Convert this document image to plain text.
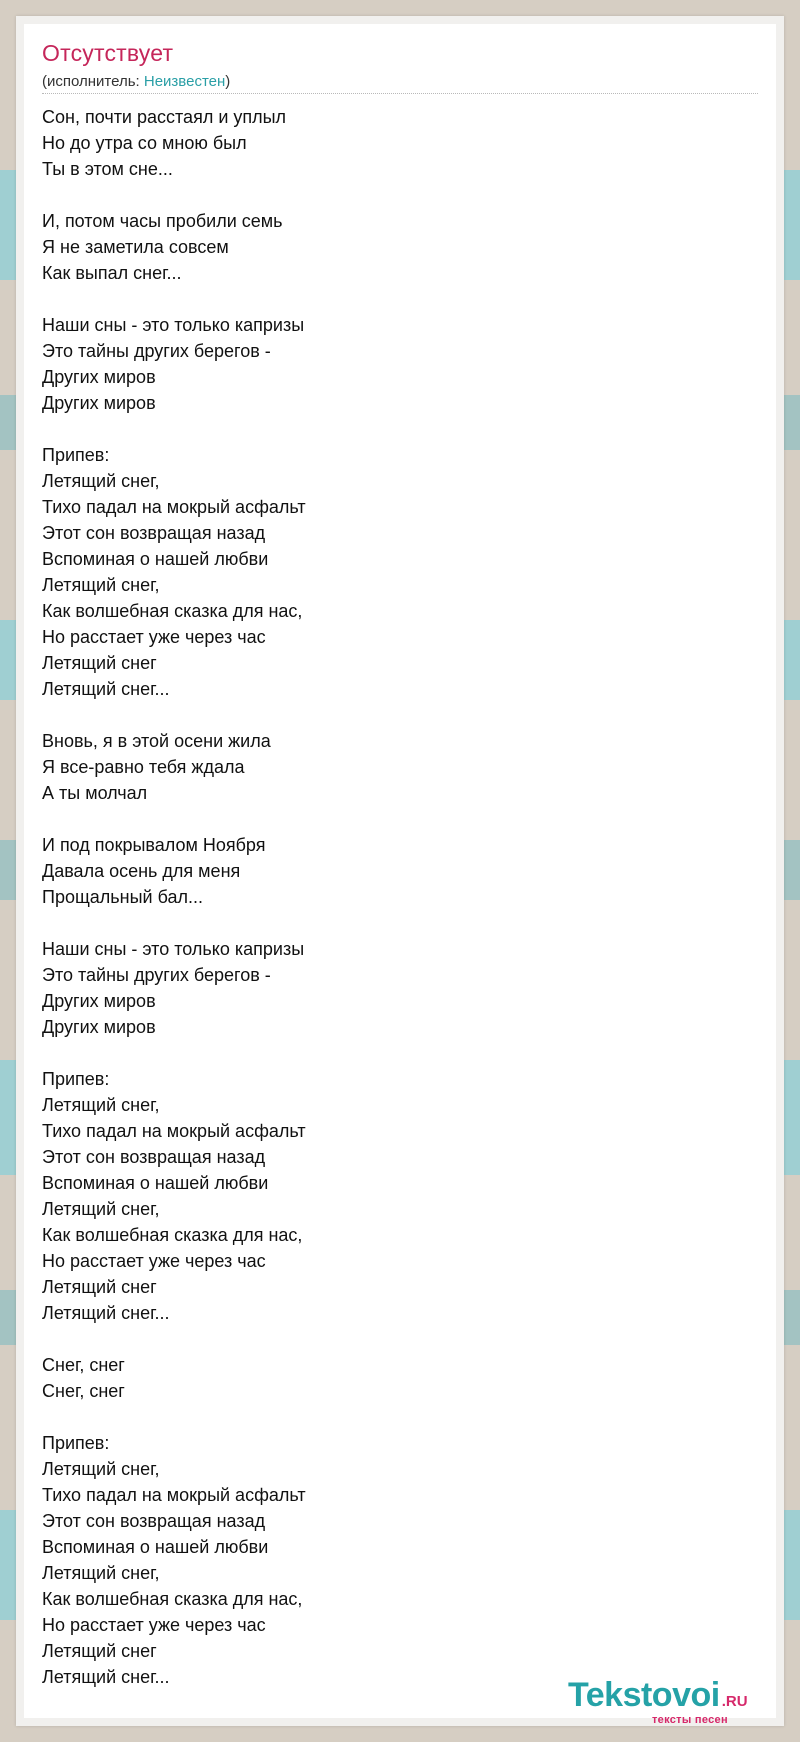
Отсутствует
(исполнитель: Неизвестен)
Сон, почти расстаял и уплыл
Но до утра со мною был
Ты в этом сне...
И, потом часы пробили семь
Я не заметила совсем
Как выпал снег...
Наши сны - это только капризы
Это тайны других берегов -
Других миров
Других миров
Припев:
Летящий снег,
Тихо падал на мокрый асфальт
Этот сон возвращая назад
Вспоминая о нашей любви
Летящий снег,
Как волшебная сказка для нас,
Но расстает уже через час
Летящий снег
Летящий снег...
Вновь, я в этой осени жила
Я все-равно тебя ждала
А ты молчал
И под покрывалом Ноября
Давала осень для меня
Прощальный бал...
Наши сны - это только капризы
Это тайны других берегов -
Других миров
Других миров
Припев:
Летящий снег,
Тихо падал на мокрый асфальт
Этот сон возвращая назад
Вспоминая о нашей любви
Летящий снег,
Как волшебная сказка для нас,
Но расстает уже через час
Летящий снег
Летящий снег...
Снег, снег
Снег, снег
Припев:
Летящий снег,
Тихо падал на мокрый асфальт
Этот сон возвращая назад
Вспоминая о нашей любви
Летящий снег,
Как волшебная сказка для нас,
Но расстает уже через час
Летящий снег
Летящий снег...	Tekstovoi .RU
тексты песен
